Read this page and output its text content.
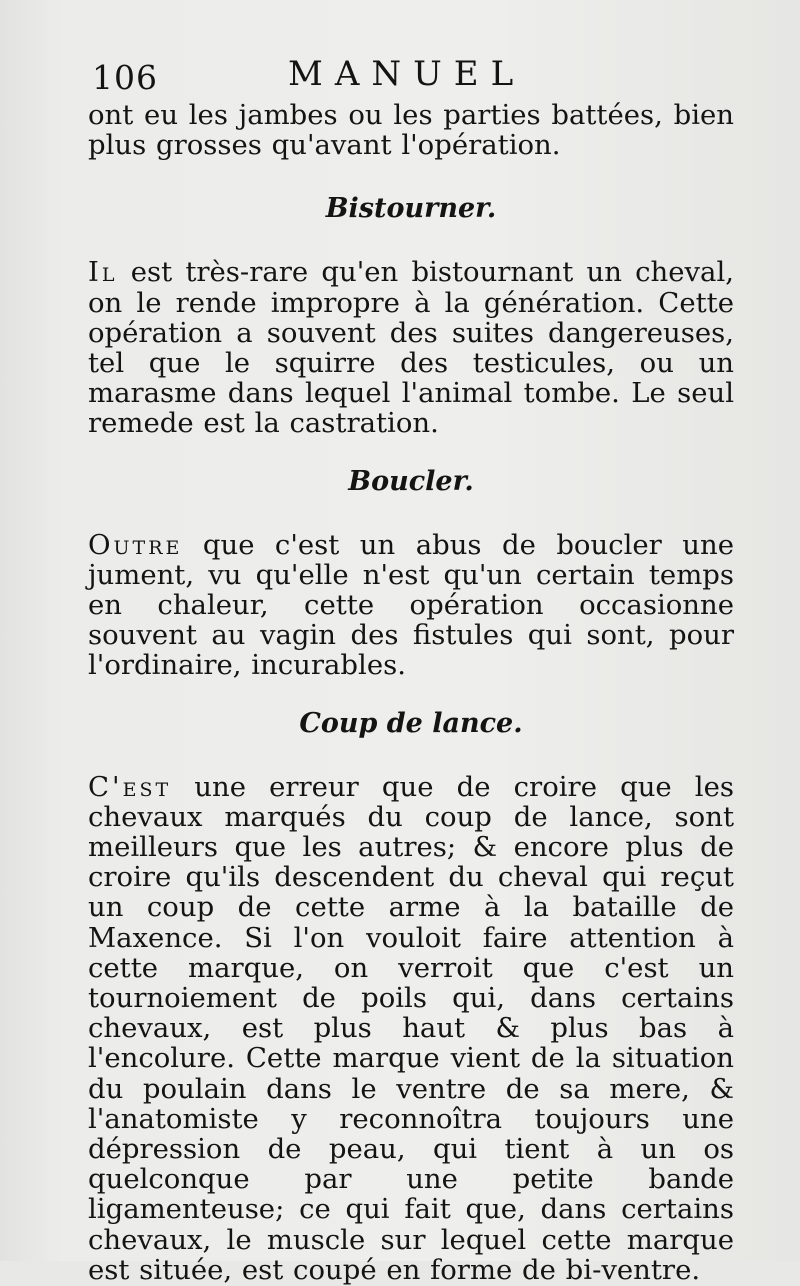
106	MANUEL

ont eu les jambes ou les parties battées, bien plus grosses qu'avant l'opération.

Bistourner.

Il est très-rare qu'en bistournant un cheval, on le rende impropre à la génération. Cette opération a souvent des suites dangereuses, tel que le squirre des testicules, ou un marasme dans lequel l'animal tombe. Le seul remede est la castration.

Boucler.

Outre que c'est un abus de boucler une jument, vu qu'elle n'est qu'un certain temps en chaleur, cette opération occasionne souvent au vagin des fistules qui sont, pour l'ordinaire, incurables.

Coup de lance.

C'est une erreur que de croire que les chevaux marqués du coup de lance, sont meilleurs que les autres; & encore plus de croire qu'ils descendent du cheval qui reçut un coup de cette arme à la bataille de Maxence. Si l'on vouloit faire attention à cette marque, on verroit que c'est un tournoiement de poils qui, dans certains chevaux, est plus haut & plus bas à l'encolure. Cette marque vient de la situation du poulain dans le ventre de sa mere, & l'anatomiste y reconnoîtra toujours une dépression de peau, qui tient à un os quelconque par une petite bande ligamenteuse; ce qui fait que, dans certains chevaux, le muscle sur lequel cette marque est située, est coupé en forme de bi-ventre.
